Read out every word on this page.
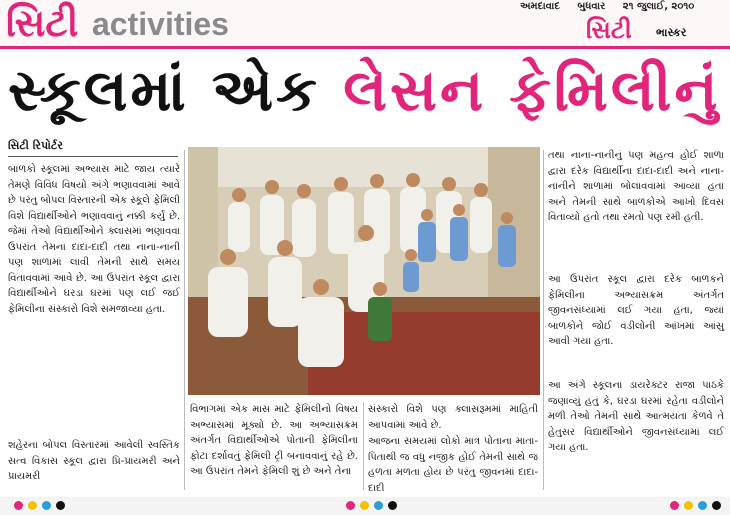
સિટી activities	અમદાવાદ બુધવાર ૨૧ જુલાઈ, ૨૦૧૦
સિટી ભાસ્કર
સ્કૂલમાં એક લેસન ફેમિલીનું
સિટી રિપોર્ટર

બાળકો સ્કૂલમાં અભ્યાસ માટે જાય ત્યારે તેમણે વિવિધ વિષયો અંગે ભણાવવામાં આવે છે પરંતુ બોપલ વિસ્તારની એક સ્કૂલે ફેમિલી વિશે વિદ્યાર્થીઓને ભણાવવાનું નક્કી કર્યું છે. જેમાં તેઓ વિદ્યાર્થીઓને ક્લાસમાં ભણાવવા ઉપરાંત તેમના દાદા-દાદી તથા નાના-નાની પણ શાળામાં લાવી તેમની સાથે સમય વિતાવવામાં આવે છે. આ ઉપરાંત સ્કૂલ દ્વારા વિદ્યાર્થીઓને ઘરડા ઘરમાં પણ લઈ જઈ ફેમિલીના સંસ્કારો વિશે સમજાવ્યા હતા.

શહેરના બોપલ વિસ્તારમાં આવેલી સ્વસ્તિક સત્વ વિકાસ સ્કૂલ દ્વારા પ્રિ-પ્રાયમરી અને પ્રાયમરી

વિભાગમાં એક માસ માટે ફેમિલીનો વિષય અભ્યાસમાં મૂક્યો છે. આ અભ્યાસક્રમ અંતર્ગત વિદ્યાર્થીઓએ પોતાની ફેમિલીના ફોટા દર્શાવતું ફેમિલી ટ્રી બનાવવાનું રહે છે. આ ઉપરાંત તેમને ફેમિલી શું છે અને તેના

સંસ્કારો વિશે પણ ક્લાસરૂમમાં માહિતી આપવામાં આવે છે.

આજના સમયમાં લોકો માત્ર પોતાના માતા-પિતાથી જ વધુ નજીક હોઈ તેમની સાથે જ હળતા મળતા હોય છે પરંતુ જીવનમાં દાદા-દાદી

તથા નાના-નાનીનું પણ મહત્વ હોઈ શાળા દ્વારા દરેક વિદ્યાર્થીના દાદા-દાદી અને નાના-નાનીને શાળામાં બોલાવવામાં આવ્યા હતા અને તેમની સાથે બાળકોએ આખો દિવસ વિતાવ્યો હતો તથા રમતો પણ રમી હતી.

આ ઉપરાંત સ્કૂલ દ્વારા દરેક બાળકને ફેમિલીના અભ્યાસક્રમ અંતર્ગત જીવનસંધ્યામાં લઈ ગયા હતા, જ્યાં બાળકોને જોઈ વડીલોની આંખમાં આંસુ આવી ગયા હતા.

આ અંગે સ્કૂલના ડાયરેક્ટર રાજા પાઠકે જણાવ્યું હતું કે, ઘરડા ઘરમાં રહેતા વડીલોને મળી તેઓ તેમની સાથે આત્મયતા કેળવે તે હેતુસર વિદ્યાર્થીઓને જીવનસંધ્યામાં લઈ ગયા હતા.
